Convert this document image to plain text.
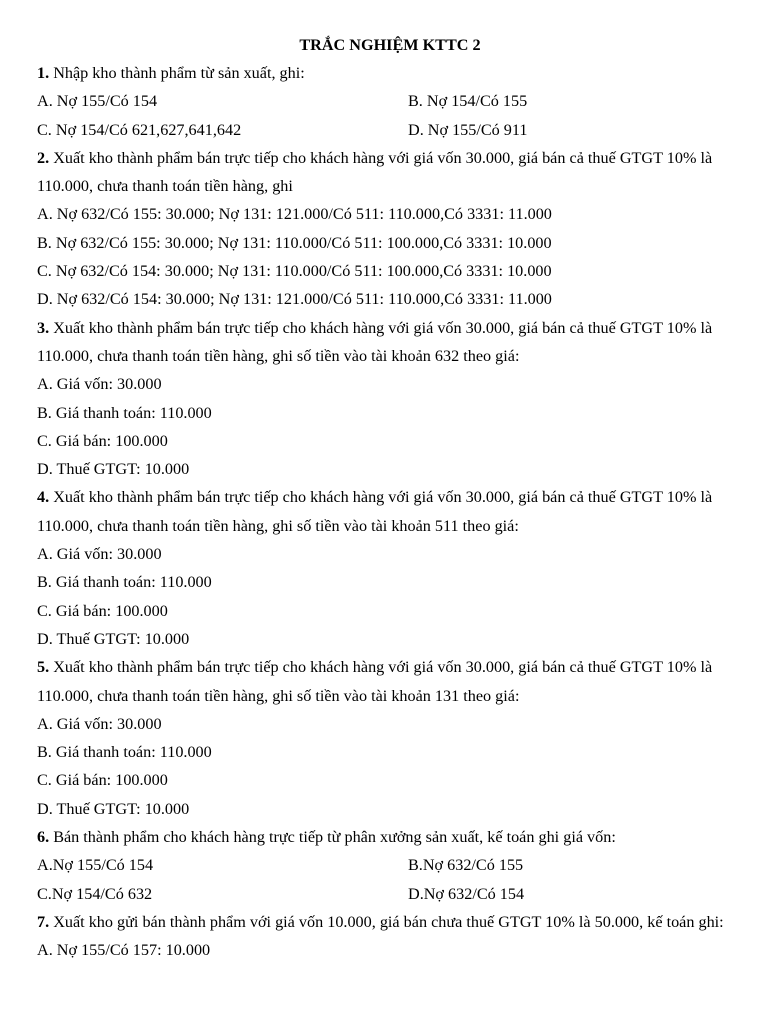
TRẮC NGHIỆM KTTC 2
1. Nhập kho thành phẩm từ sản xuất, ghi:
A. Nợ 155/Có 154	B. Nợ 154/Có 155
C. Nợ 154/Có 621,627,641,642	D. Nợ 155/Có 911
2. Xuất kho thành phẩm bán trực tiếp cho khách hàng với giá vốn 30.000, giá bán cả thuế GTGT 10% là 110.000, chưa thanh toán tiền hàng, ghi
A. Nợ 632/Có 155: 30.000; Nợ 131: 121.000/Có 511: 110.000,Có 3331: 11.000
B. Nợ 632/Có 155: 30.000; Nợ 131: 110.000/Có 511: 100.000,Có 3331: 10.000
C. Nợ 632/Có 154: 30.000; Nợ 131: 110.000/Có 511: 100.000,Có 3331: 10.000
D. Nợ 632/Có 154: 30.000; Nợ 131: 121.000/Có 511: 110.000,Có 3331: 11.000
3. Xuất kho thành phẩm bán trực tiếp cho khách hàng với giá vốn 30.000, giá bán cả thuế GTGT 10% là 110.000, chưa thanh toán tiền hàng, ghi số tiền vào tài khoản 632 theo giá:
A. Giá vốn: 30.000
B. Giá thanh toán: 110.000
C. Giá bán: 100.000
D. Thuế GTGT: 10.000
4. Xuất kho thành phẩm bán trực tiếp cho khách hàng với giá vốn 30.000, giá bán cả thuế GTGT 10% là 110.000, chưa thanh toán tiền hàng, ghi số tiền vào tài khoản 511 theo giá:
A. Giá vốn: 30.000
B. Giá thanh toán: 110.000
C. Giá bán: 100.000
D. Thuế GTGT: 10.000
5. Xuất kho thành phẩm bán trực tiếp cho khách hàng với giá vốn 30.000, giá bán cả thuế GTGT 10% là 110.000, chưa thanh toán tiền hàng, ghi số tiền vào tài khoản 131 theo giá:
A. Giá vốn: 30.000
B. Giá thanh toán: 110.000
C. Giá bán: 100.000
D. Thuế GTGT: 10.000
6. Bán thành phẩm cho khách hàng trực tiếp từ phân xưởng sản xuất, kế toán ghi giá vốn:
A.Nợ 155/Có 154	B.Nợ 632/Có 155
C.Nợ 154/Có 632	D.Nợ 632/Có 154
7. Xuất kho gửi bán thành phẩm với giá vốn 10.000, giá bán chưa thuế GTGT 10% là 50.000, kế toán ghi:
A. Nợ 155/Có 157: 10.000
